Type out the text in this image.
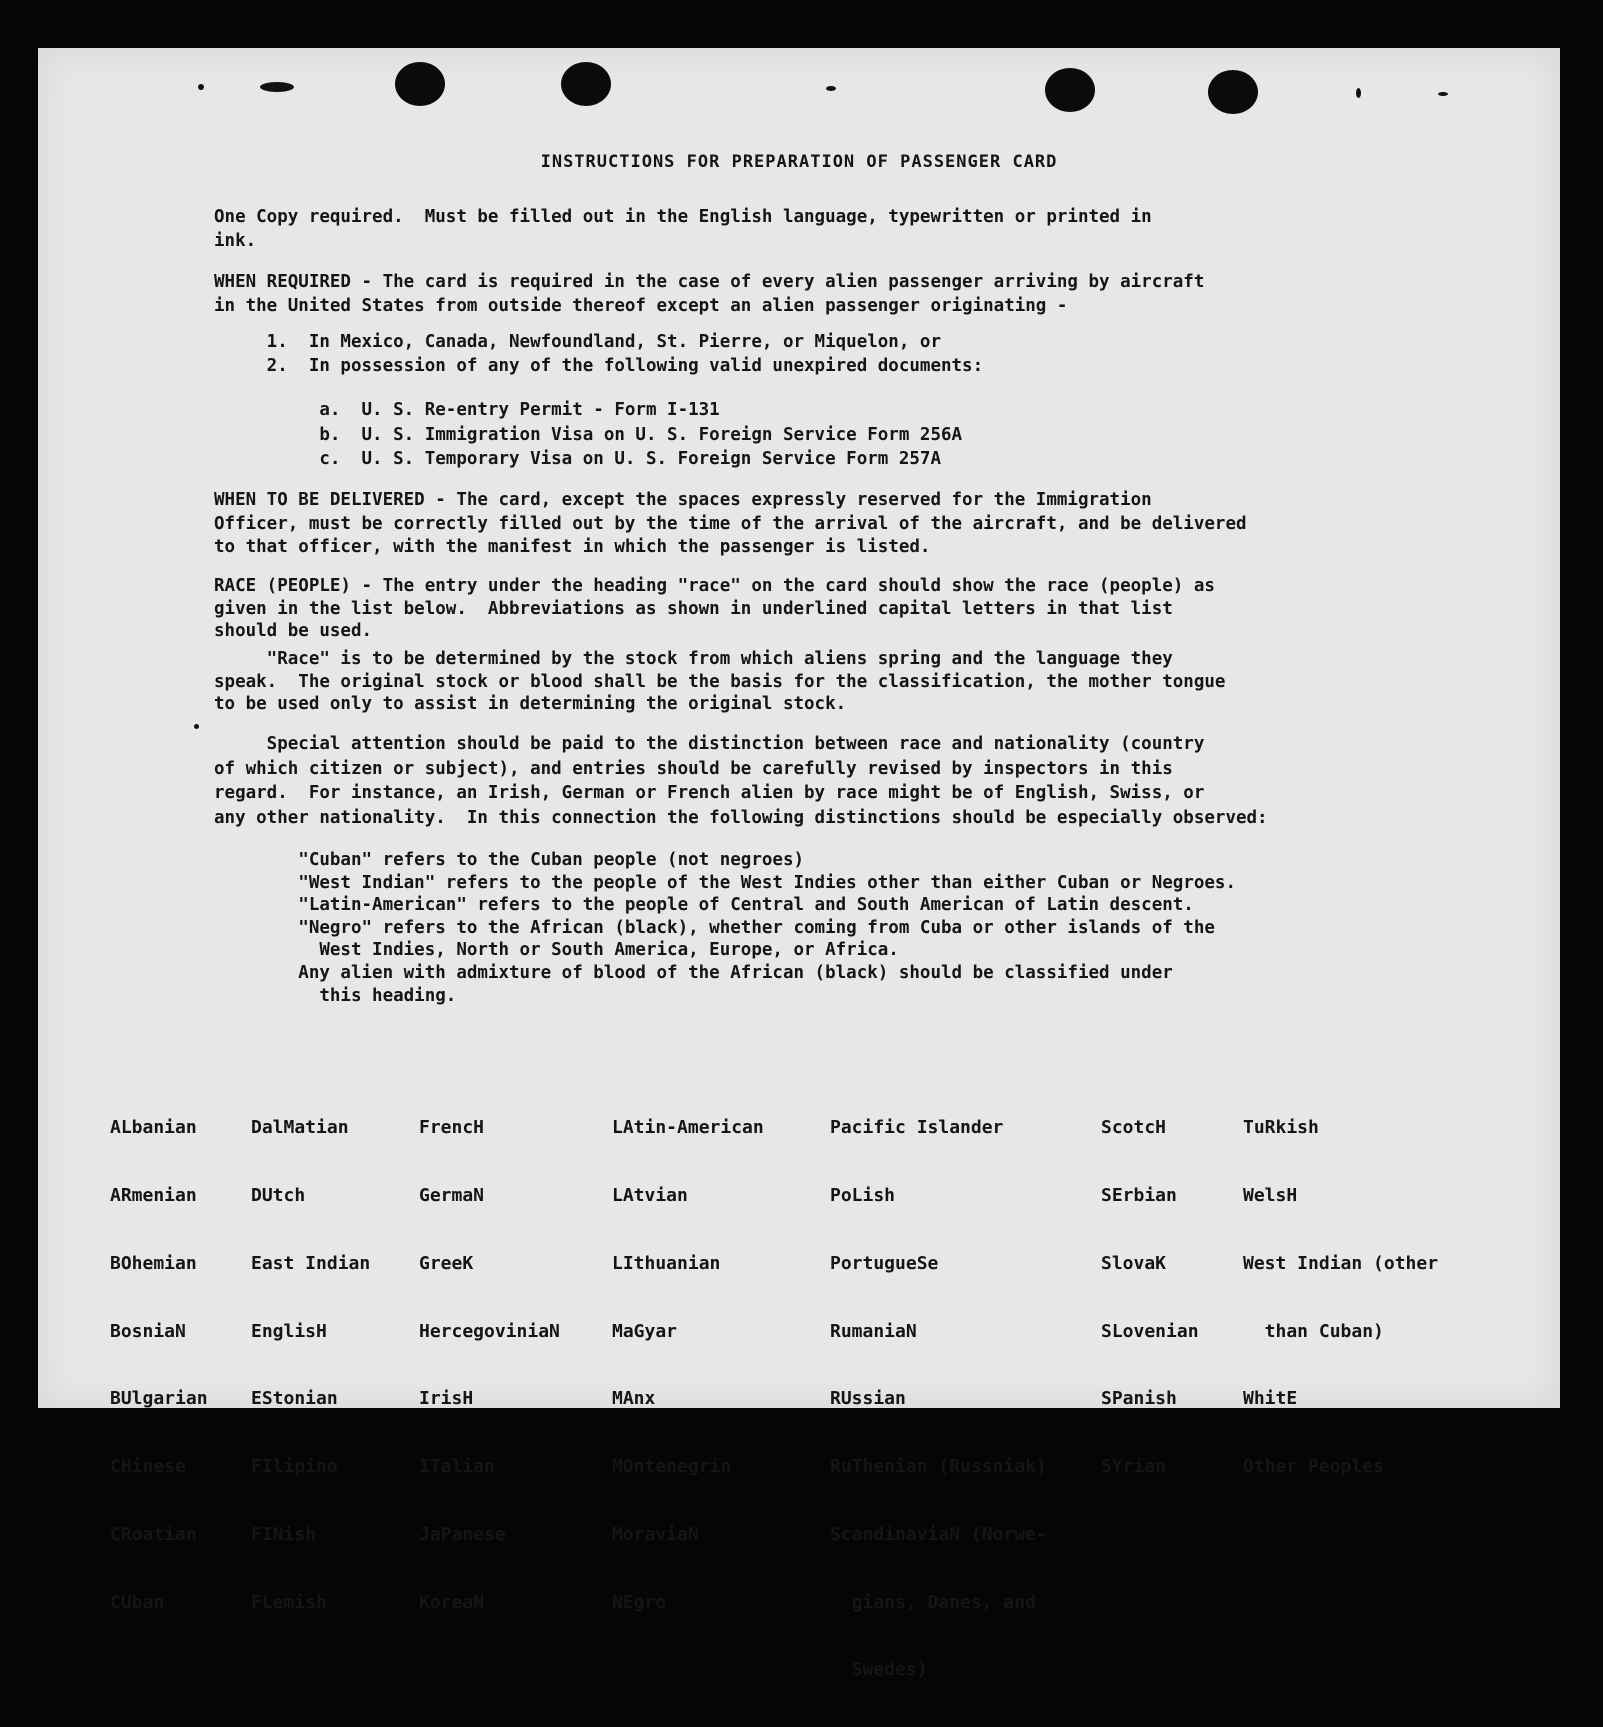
INSTRUCTIONS FOR PREPARATION OF PASSENGER CARD
One Copy required.  Must be filled out in the English language, typewritten or printed in
ink.
WHEN REQUIRED - The card is required in the case of every alien passenger arriving by aircraft
in the United States from outside thereof except an alien passenger originating -
1.  In Mexico, Canada, Newfoundland, St. Pierre, or Miquelon, or
2.  In possession of any of the following valid unexpired documents:
a.  U. S. Re-entry Permit - Form I-131
b.  U. S. Immigration Visa on U. S. Foreign Service Form 256A
c.  U. S. Temporary Visa on U. S. Foreign Service Form 257A
WHEN TO BE DELIVERED - The card, except the spaces expressly reserved for the Immigration
Officer, must be correctly filled out by the time of the arrival of the aircraft, and be delivered
to that officer, with the manifest in which the passenger is listed.
RACE (PEOPLE) - The entry under the heading "race" on the card should show the race (people) as
given in the list below.  Abbreviations as shown in underlined capital letters in that list
should be used.
"Race" is to be determined by the stock from which aliens spring and the language they
speak.  The original stock or blood shall be the basis for the classification, the mother tongue
to be used only to assist in determining the original stock.
Special attention should be paid to the distinction between race and nationality (country
of which citizen or subject), and entries should be carefully revised by inspectors in this
regard.  For instance, an Irish, German or French alien by race might be of English, Swiss, or
any other nationality.  In this connection the following distinctions should be especially observed:
"Cuban" refers to the Cuban people (not negroes)
"West Indian" refers to the people of the West Indies other than either Cuban or Negroes.
"Latin-American" refers to the people of Central and South American of Latin descent.
"Negro" refers to the African (black), whether coming from Cuba or other islands of the
West Indies, North or South America, Europe, or Africa.
Any alien with admixture of blood of the African (black) should be classified under
this heading.

ALbanian

ARmenian

BOhemian

BosniaN

BUlgarian

CHinese

CRoatian

CUban

DalMatian

DUtch

East Indian

EnglisH

EStonian

FIlipino

FINish

FLemish

FrencH

GermaN

GreeK

HercegoviniaN

IrisH

ITalian

JaPanese

KoreaN

LAtin-American

LAtvian

LIthuanian

MaGyar

MAnx

MOntenegrin

MoraviaN

NEgro

Pacific Islander

PoLish

PortugueSe

RumaniaN

RUssian

RuThenian (Russniak)

ScandinaviaN (Norwe-

gians, Danes, and

Swedes)

ScotcH

SErbian

SlovaK

SLovenian

SPanish

SYrian

TuRkish

WelsH

West Indian (other

than Cuban)

WhitE

Other Peoples
